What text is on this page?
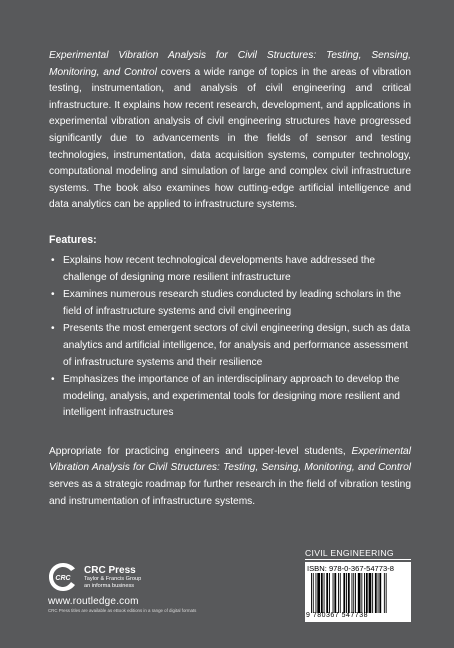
Experimental Vibration Analysis for Civil Structures: Testing, Sensing, Monitoring, and Control covers a wide range of topics in the areas of vibration testing, instrumentation, and analysis of civil engineering and critical infrastructure. It explains how recent research, development, and applications in experimental vibration analysis of civil engineering structures have progressed significantly due to advancements in the fields of sensor and testing technologies, instrumentation, data acquisition systems, computer technology, computational modeling and simulation of large and complex civil infrastructure systems. The book also examines how cutting-edge artificial intelligence and data analytics can be applied to infrastructure systems.

Features:
• Explains how recent technological developments have addressed the challenge of designing more resilient infrastructure
• Examines numerous research studies conducted by leading scholars in the field of infrastructure systems and civil engineering
• Presents the most emergent sectors of civil engineering design, such as data analytics and artificial intelligence, for analysis and performance assessment of infrastructure systems and their resilience
• Emphasizes the importance of an interdisciplinary approach to develop the modeling, analysis, and experimental tools for designing more resilient and intelligent infrastructures

Appropriate for practicing engineers and upper-level students, Experimental Vibration Analysis for Civil Structures: Testing, Sensing, Monitoring, and Control serves as a strategic roadmap for further research in the field of vibration testing and instrumentation of infrastructure systems.

CRC
CRC Press
Taylor & Francis Group
an informa business
www.routledge.com
CRC Press titles are available as eBook editions in a range of digital formats
CIVIL ENGINEERING
ISBN: 978-0-367-54773-8
9 780367 547738
